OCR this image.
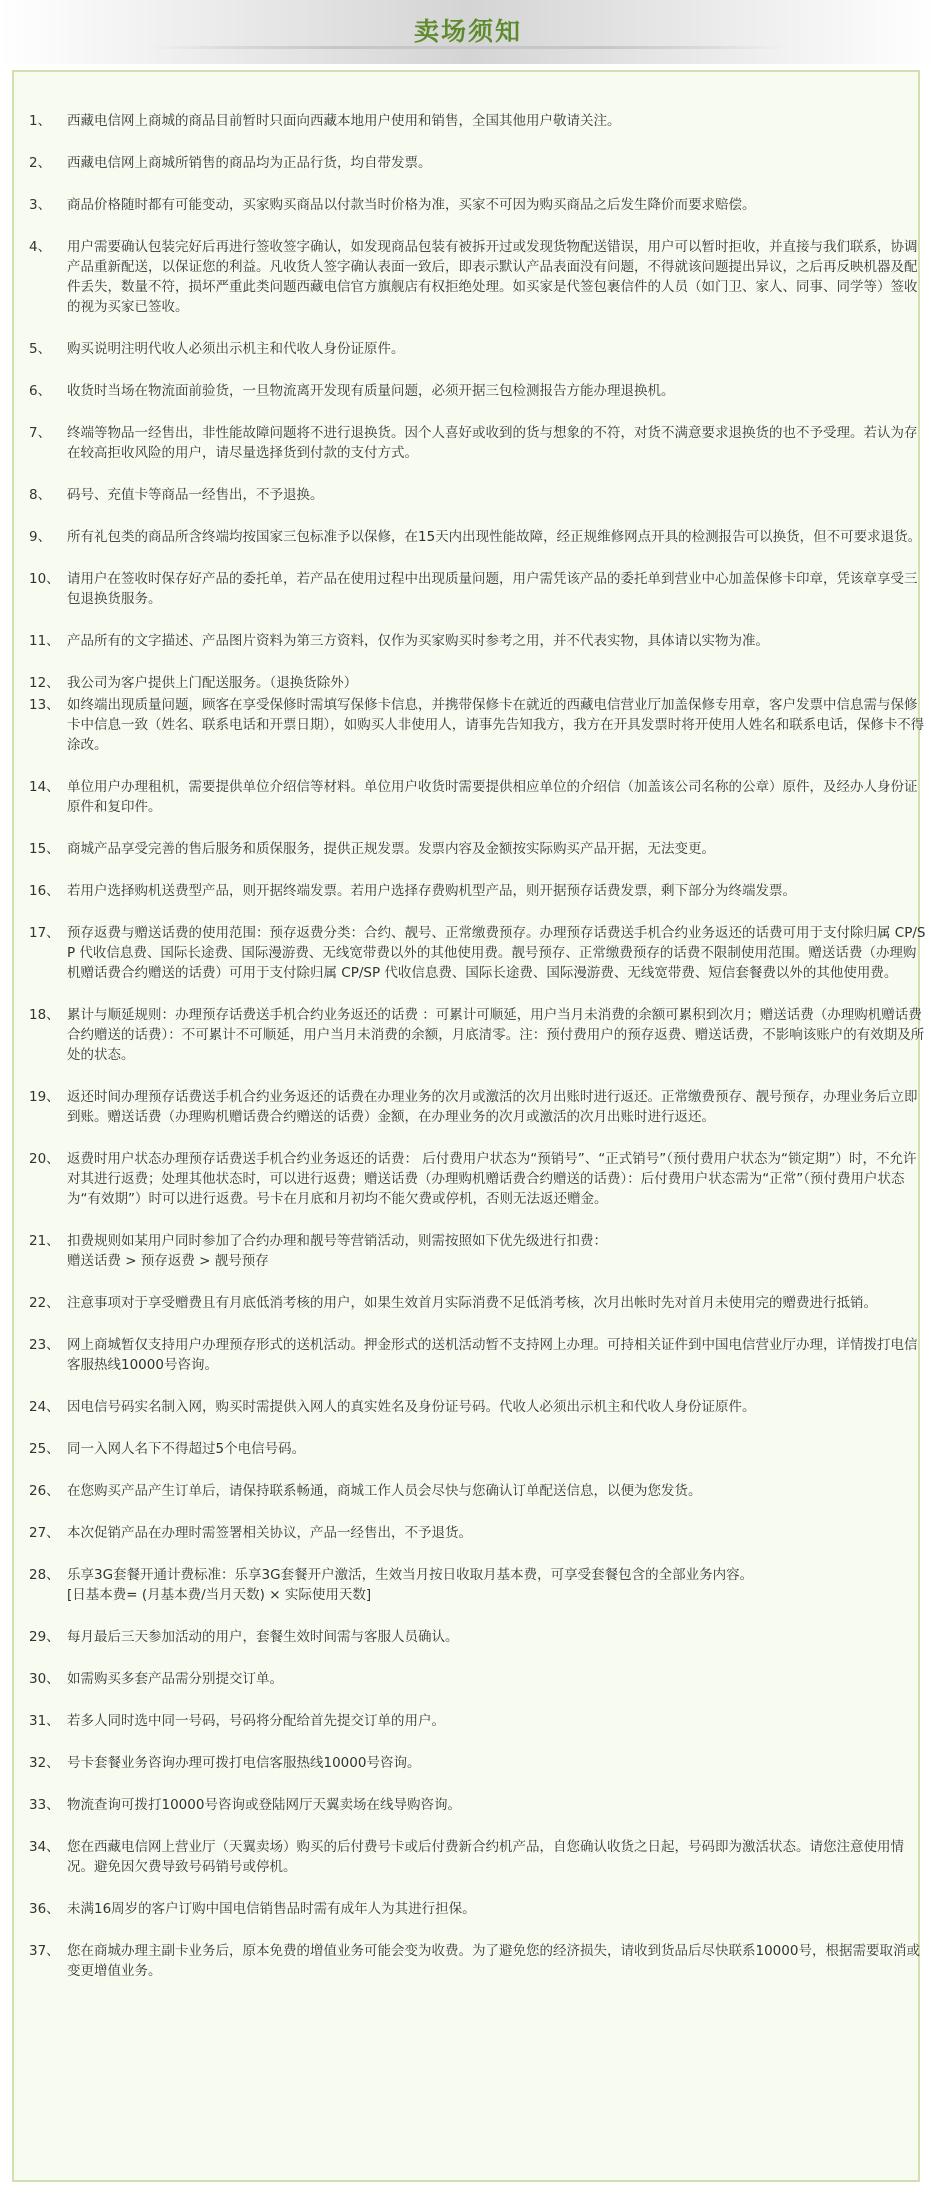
卖场须知
1、 西藏电信网上商城的商品目前暂时只面向西藏本地用户使用和销售，全国其他用户敬请关注。
2、 西藏电信网上商城所销售的商品均为正品行货，均自带发票。
3、 商品价格随时都有可能变动，买家购买商品以付款当时价格为准，买家不可因为购买商品之后发生降价而要求赔偿。
4、 用户需要确认包装完好后再进行签收签字确认，如发现商品包装有被拆开过或发现货物配送错误，用户可以暂时拒收，并直接与我们联系，协调产品重新配送，以保证您的利益。凡收货人签字确认表面一致后，即表示默认产品表面没有问题，不得就该问题提出异议，之后再反映机器及配件丢失，数量不符，损坏严重此类问题西藏电信官方旗舰店有权拒绝处理。如买家是代签包裹信件的人员（如门卫、家人、同事、同学等）签收的视为买家已签收。
5、 购买说明注明代收人必须出示机主和代收人身份证原件。
6、 收货时当场在物流面前验货，一旦物流离开发现有质量问题，必须开据三包检测报告方能办理退换机。
7、 终端等物品一经售出，非性能故障问题将不进行退换货。因个人喜好或收到的货与想象的不符，对货不满意要求退换货的也不予受理。若认为存在较高拒收风险的用户，请尽量选择货到付款的支付方式。
8、 码号、充值卡等商品一经售出，不予退换。
9、 所有礼包类的商品所含终端均按国家三包标准予以保修，在15天内出现性能故障，经正规维修网点开具的检测报告可以换货，但不可要求退货。
10、 请用户在签收时保存好产品的委托单，若产品在使用过程中出现质量问题，用户需凭该产品的委托单到营业中心加盖保修卡印章，凭该章享受三包退换货服务。
11、 产品所有的文字描述、产品图片资料为第三方资料，仅作为买家购买时参考之用，并不代表实物，具体请以实物为准。
12、 我公司为客户提供上门配送服务。（退换货除外）
13、 如终端出现质量问题，顾客在享受保修时需填写保修卡信息，并携带保修卡在就近的西藏电信营业厅加盖保修专用章，客户发票中信息需与保修卡中信息一致（姓名、联系电话和开票日期），如购买人非使用人，请事先告知我方，我方在开具发票时将开使用人姓名和联系电话，保修卡不得涂改。
14、 单位用户办理租机，需要提供单位介绍信等材料。单位用户收货时需要提供相应单位的介绍信（加盖该公司名称的公章）原件，及经办人身份证原件和复印件。
15、 商城产品享受完善的售后服务和质保服务，提供正规发票。发票内容及金额按实际购买产品开据，无法变更。
16、 若用户选择购机送费型产品，则开据终端发票。若用户选择存费购机型产品，则开据预存话费发票，剩下部分为终端发票。
17、 预存返费与赠送话费的使用范围：预存返费分类：合约、靓号、正常缴费预存。办理预存话费送手机合约业务返还的话费可用于支付除归属 CP/SP 代收信息费、国际长途费、国际漫游费、无线宽带费以外的其他使用费。靓号预存、正常缴费预存的话费不限制使用范围。赠送话费（办理购机赠话费合约赠送的话费）可用于支付除归属 CP/SP 代收信息费、国际长途费、国际漫游费、无线宽带费、短信套餐费以外的其他使用费。
18、 累计与顺延规则：办理预存话费送手机合约业务返还的话费 ：可累计可顺延，用户当月未消费的余额可累积到次月；赠送话费（办理购机赠话费合约赠送的话费）：不可累计不可顺延，用户当月未消费的余额，月底清零。注：预付费用户的预存返费、赠送话费，不影响该账户的有效期及所处的状态。
19、 返还时间办理预存话费送手机合约业务返还的话费在办理业务的次月或激活的次月出账时进行返还。正常缴费预存、靓号预存，办理业务后立即到账。赠送话费（办理购机赠话费合约赠送的话费）金额，在办理业务的次月或激活的次月出账时进行返还。
20、 返费时用户状态办理预存话费送手机合约业务返还的话费： 后付费用户状态为“预销号”、“正式销号”（预付费用户状态为“锁定期”）时，不允许对其进行返费；处理其他状态时，可以进行返费；赠送话费（办理购机赠话费合约赠送的话费）：后付费用户状态需为“正常”（预付费用户状态为“有效期”）时可以进行返费。号卡在月底和月初均不能欠费或停机，否则无法返还赠金。
21、 扣费规则如某用户同时参加了合约办理和靓号等营销活动，则需按照如下优先级进行扣费：
赠送话费 > 预存返费 > 靓号预存
22、 注意事项对于享受赠费且有月底低消考核的用户，如果生效首月实际消费不足低消考核，次月出帐时先对首月未使用完的赠费进行抵销。
23、 网上商城暂仅支持用户办理预存形式的送机活动。押金形式的送机活动暂不支持网上办理。可持相关证件到中国电信营业厅办理，详情拨打电信客服热线10000号咨询。
24、 因电信号码实名制入网，购买时需提供入网人的真实姓名及身份证号码。代收人必须出示机主和代收人身份证原件。
25、 同一入网人名下不得超过5个电信号码。
26、 在您购买产品产生订单后，请保持联系畅通，商城工作人员会尽快与您确认订单配送信息，以便为您发货。
27、 本次促销产品在办理时需签署相关协议，产品一经售出，不予退货。
28、 乐享3G套餐开通计费标准：乐享3G套餐开户激活，生效当月按日收取月基本费，可享受套餐包含的全部业务内容。
[日基本费= (月基本费/当月天数) × 实际使用天数]
29、 每月最后三天参加活动的用户，套餐生效时间需与客服人员确认。
30、 如需购买多套产品需分别提交订单。
31、 若多人同时选中同一号码，号码将分配给首先提交订单的用户。
32、 号卡套餐业务咨询办理可拨打电信客服热线10000号咨询。
33、 物流查询可拨打10000号咨询或登陆网厅天翼卖场在线导购咨询。
34、 您在西藏电信网上营业厅（天翼卖场）购买的后付费号卡或后付费新合约机产品，自您确认收货之日起，号码即为激活状态。请您注意使用情况。避免因欠费导致号码销号或停机。
36、 未满16周岁的客户订购中国电信销售品时需有成年人为其进行担保。
37、 您在商城办理主副卡业务后，原本免费的增值业务可能会变为收费。为了避免您的经济损失，请收到货品后尽快联系10000号，根据需要取消或变更增值业务。
